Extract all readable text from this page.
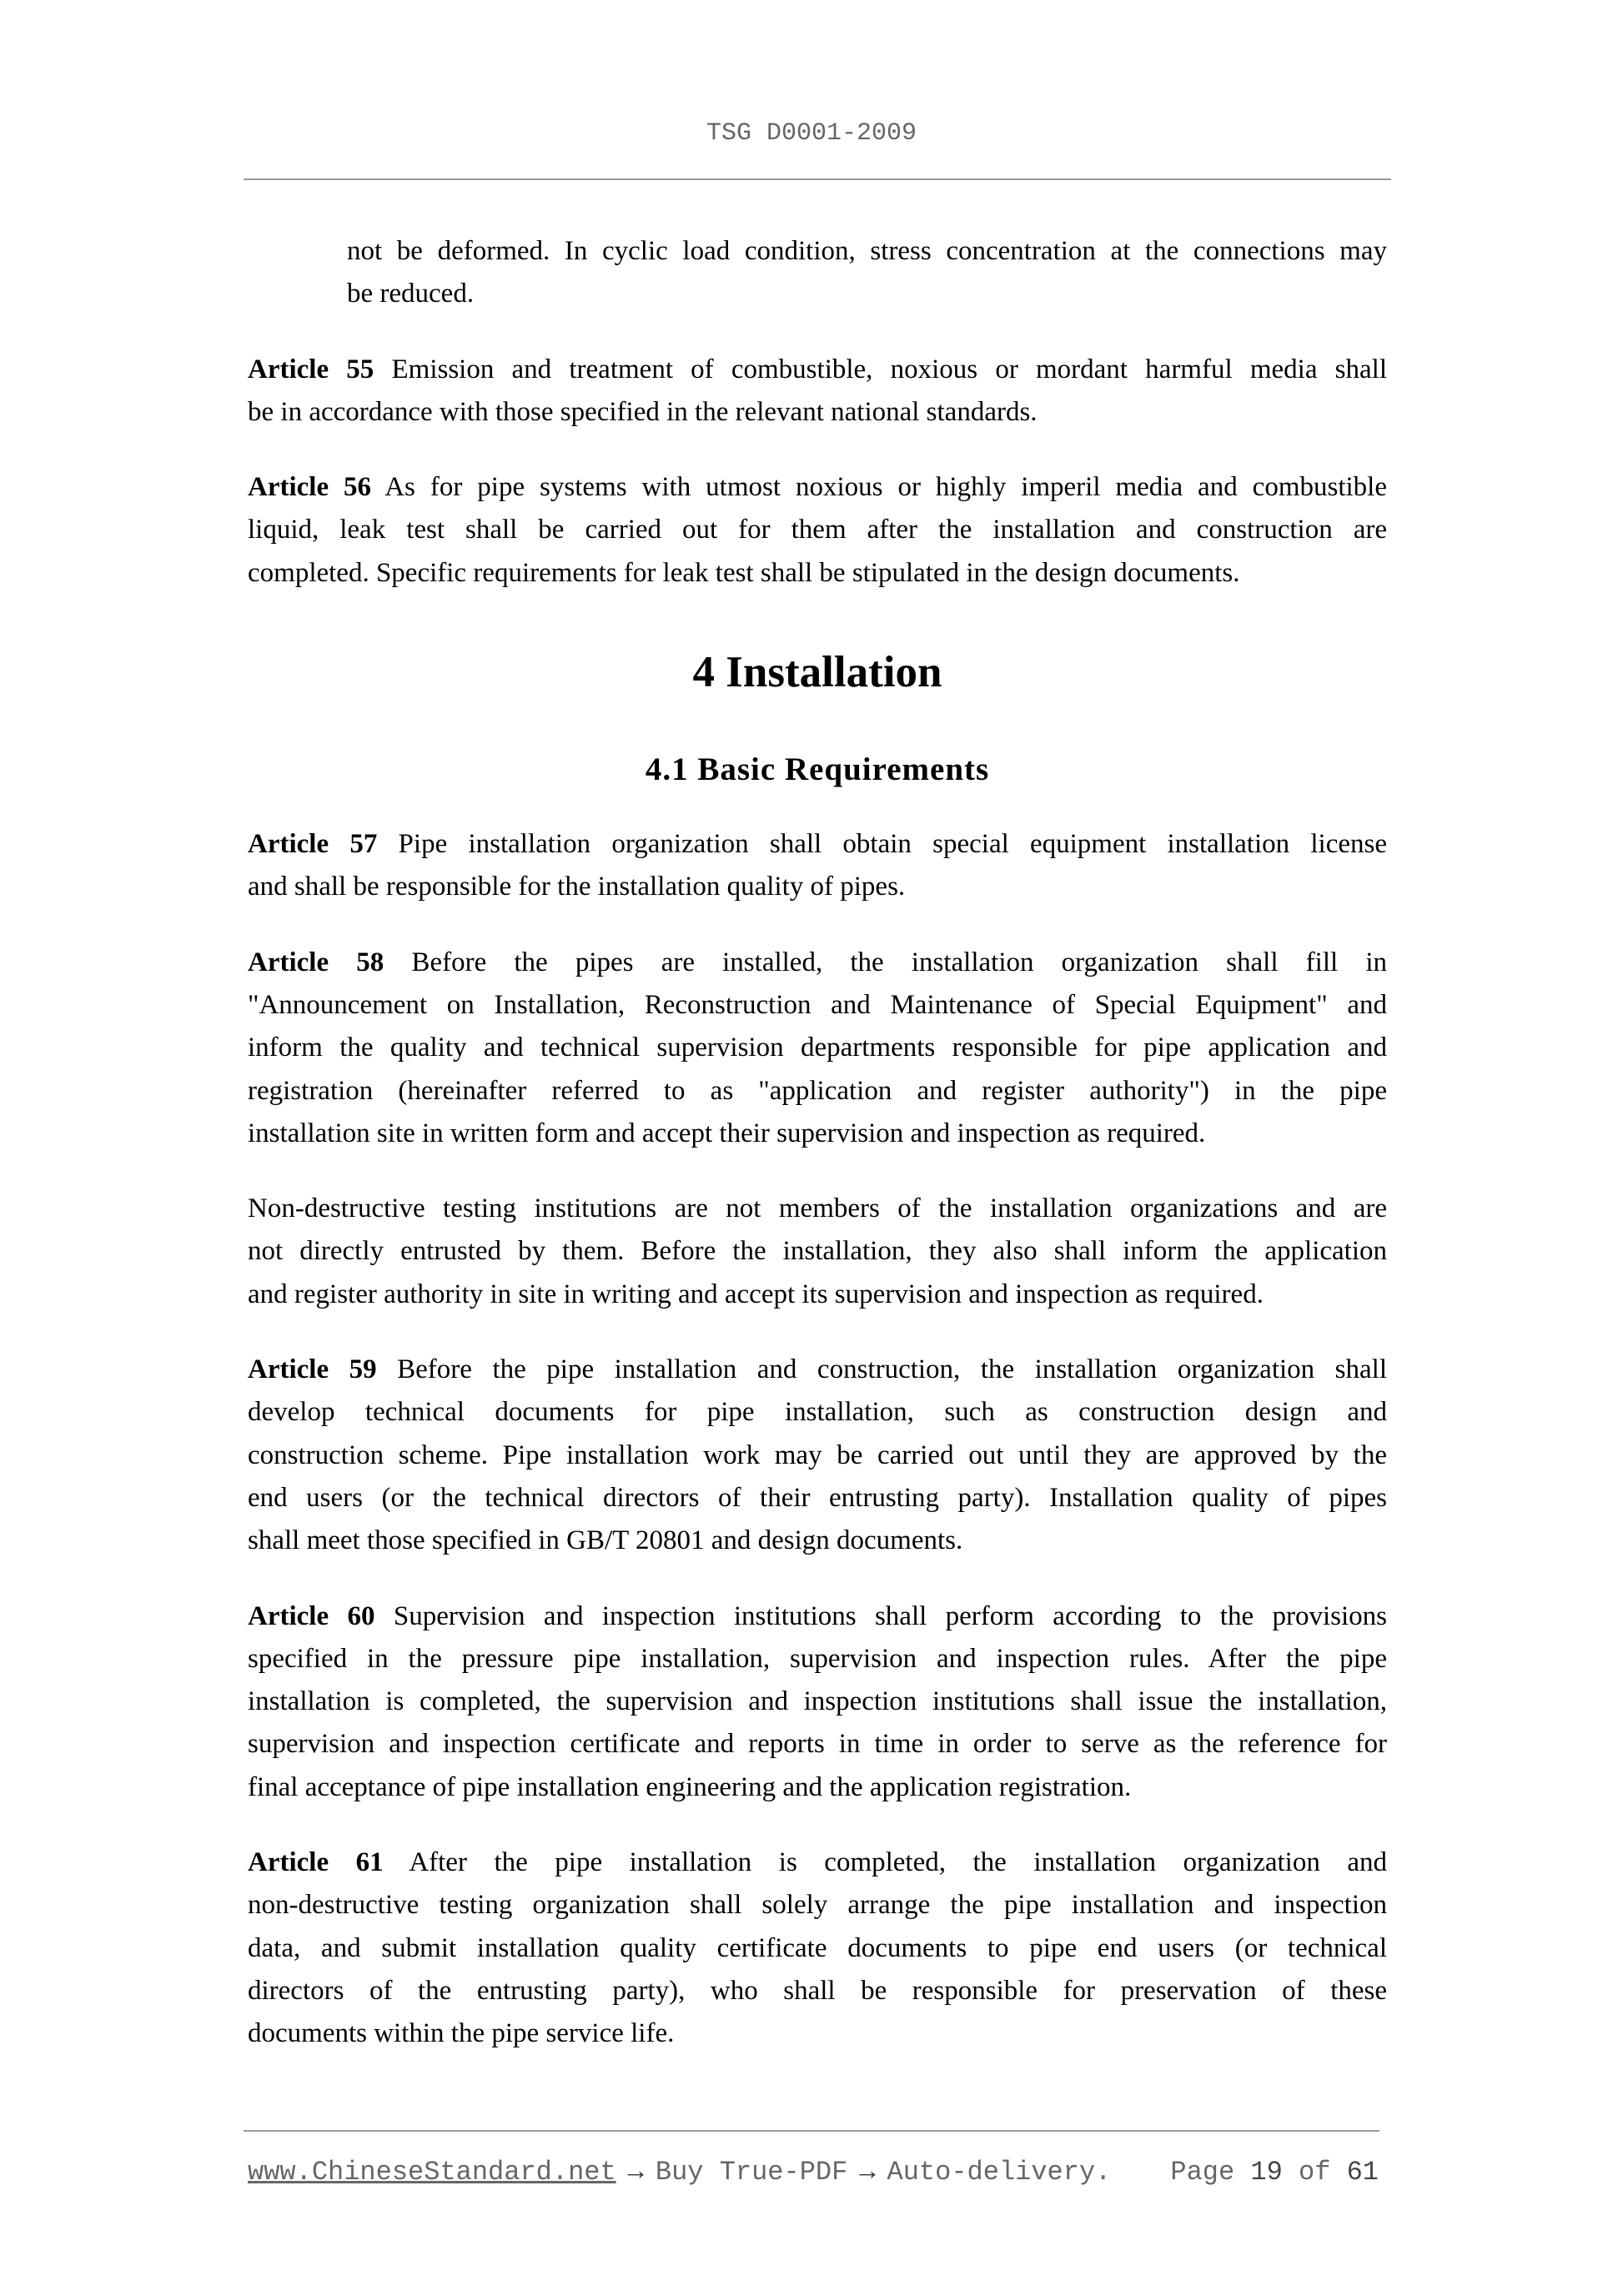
TSG D0001-2009
not be deformed. In cyclic load condition, stress concentration at the connections may
be reduced.
Article 55 Emission and treatment of combustible, noxious or mordant harmful media shall
be in accordance with those specified in the relevant national standards.
Article 56 As for pipe systems with utmost noxious or highly imperil media and combustible
liquid, leak test shall be carried out for them after the installation and construction are
completed. Specific requirements for leak test shall be stipulated in the design documents.
4 Installation
4.1 Basic Requirements
Article 57 Pipe installation organization shall obtain special equipment installation license
and shall be responsible for the installation quality of pipes.
Article 58 Before the pipes are installed, the installation organization shall fill in
"Announcement on Installation, Reconstruction and Maintenance of Special Equipment" and
inform the quality and technical supervision departments responsible for pipe application and
registration (hereinafter referred to as "application and register authority") in the pipe
installation site in written form and accept their supervision and inspection as required.
Non-destructive testing institutions are not members of the installation organizations and are
not directly entrusted by them. Before the installation, they also shall inform the application
and register authority in site in writing and accept its supervision and inspection as required.
Article 59 Before the pipe installation and construction, the installation organization shall
develop technical documents for pipe installation, such as construction design and
construction scheme. Pipe installation work may be carried out until they are approved by the
end users (or the technical directors of their entrusting party). Installation quality of pipes
shall meet those specified in GB/T 20801 and design documents.
Article 60 Supervision and inspection institutions shall perform according to the provisions
specified in the pressure pipe installation, supervision and inspection rules. After the pipe
installation is completed, the supervision and inspection institutions shall issue the installation,
supervision and inspection certificate and reports in time in order to serve as the reference for
final acceptance of pipe installation engineering and the application registration.
Article 61 After the pipe installation is completed, the installation organization and
non-destructive testing organization shall solely arrange the pipe installation and inspection
data, and submit installation quality certificate documents to pipe end users (or technical
directors of the entrusting party), who shall be responsible for preservation of these
documents within the pipe service life.
www.ChineseStandard.net → Buy True-PDF → Auto-delivery. Page 19 of 61
